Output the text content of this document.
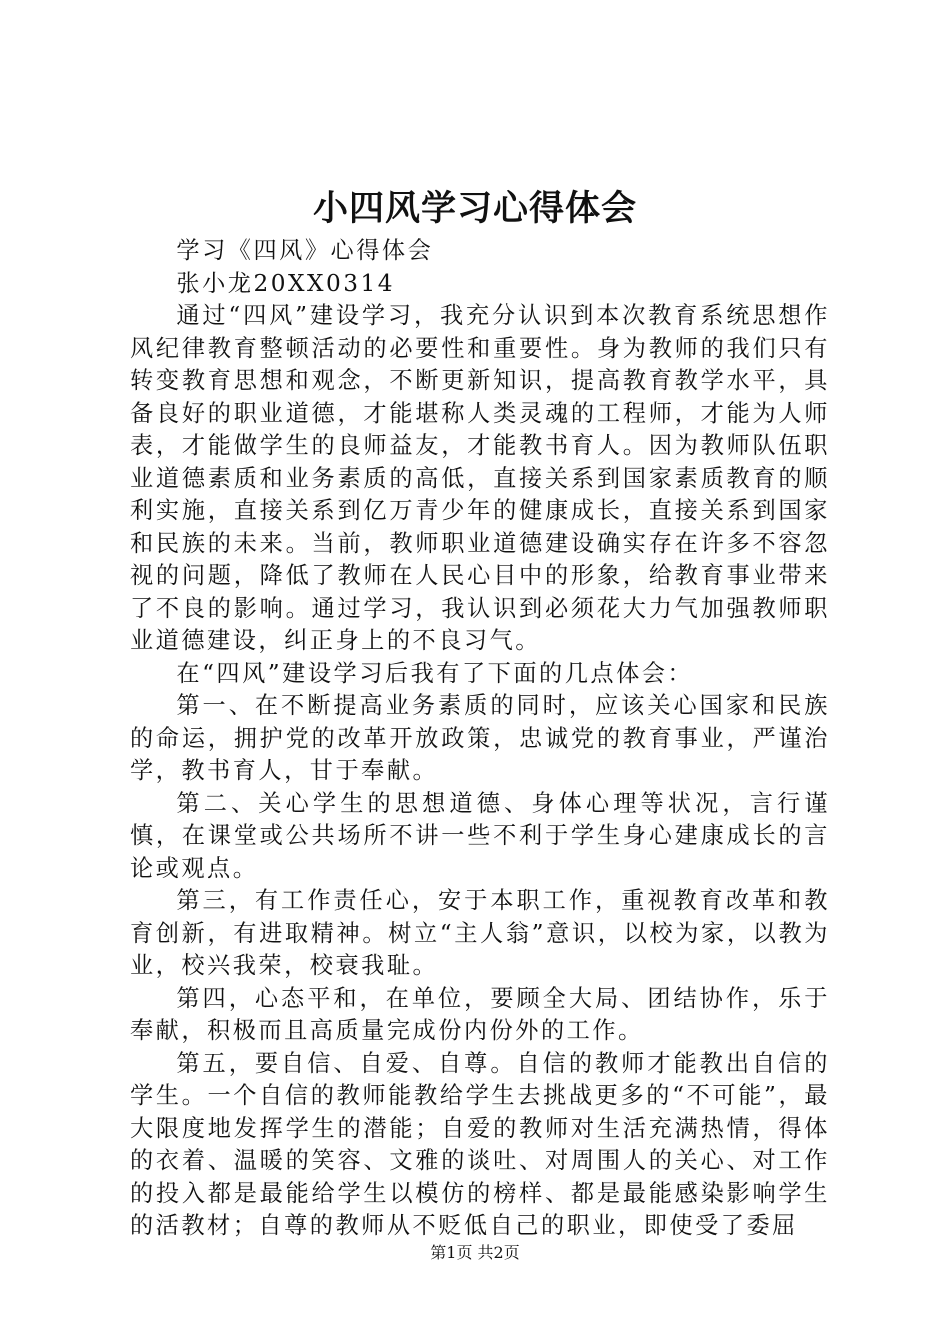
小四风学习心得体会

学习《四风》心得体会

张小龙20XX0314

通过“四风”建设学习，我充分认识到本次教育系统思想作风纪律教育整顿活动的必要性和重要性。身为教师的我们只有转变教育思想和观念，不断更新知识，提高教育教学水平，具备良好的职业道德，才能堪称人类灵魂的工程师，才能为人师表，才能做学生的良师益友，才能教书育人。因为教师队伍职业道德素质和业务素质的高低，直接关系到国家素质教育的顺利实施，直接关系到亿万青少年的健康成长，直接关系到国家和民族的未来。当前，教师职业道德建设确实存在许多不容忽视的问题，降低了教师在人民心目中的形象，给教育事业带来了不良的影响。通过学习，我认识到必须花大力气加强教师职业道德建设，纠正身上的不良习气。

在“四风”建设学习后我有了下面的几点体会：

第一、在不断提高业务素质的同时，应该关心国家和民族的命运，拥护党的改革开放政策，忠诚党的教育事业，严谨治学，教书育人，甘于奉献。

第二、关心学生的思想道德、身体心理等状况，言行谨慎，在课堂或公共场所不讲一些不利于学生身心建康成长的言论或观点。

第三，有工作责任心，安于本职工作，重视教育改革和教育创新，有进取精神。树立“主人翁”意识，以校为家，以教为业，校兴我荣，校衰我耻。

第四，心态平和，在单位，要顾全大局、团结协作，乐于奉献，积极而且高质量完成份内份外的工作。

第五，要自信、自爱、自尊。自信的教师才能教出自信的学生。一个自信的教师能教给学生去挑战更多的“不可能”，最大限度地发挥学生的潜能；自爱的教师对生活充满热情，得体的衣着、温暖的笑容、文雅的谈吐、对周围人的关心、对工作的投入都是最能给学生以模仿的榜样、都是最能感染影响学生的活教材；自尊的教师从不贬低自己的职业，即使受了委屈

第1页 共2页
